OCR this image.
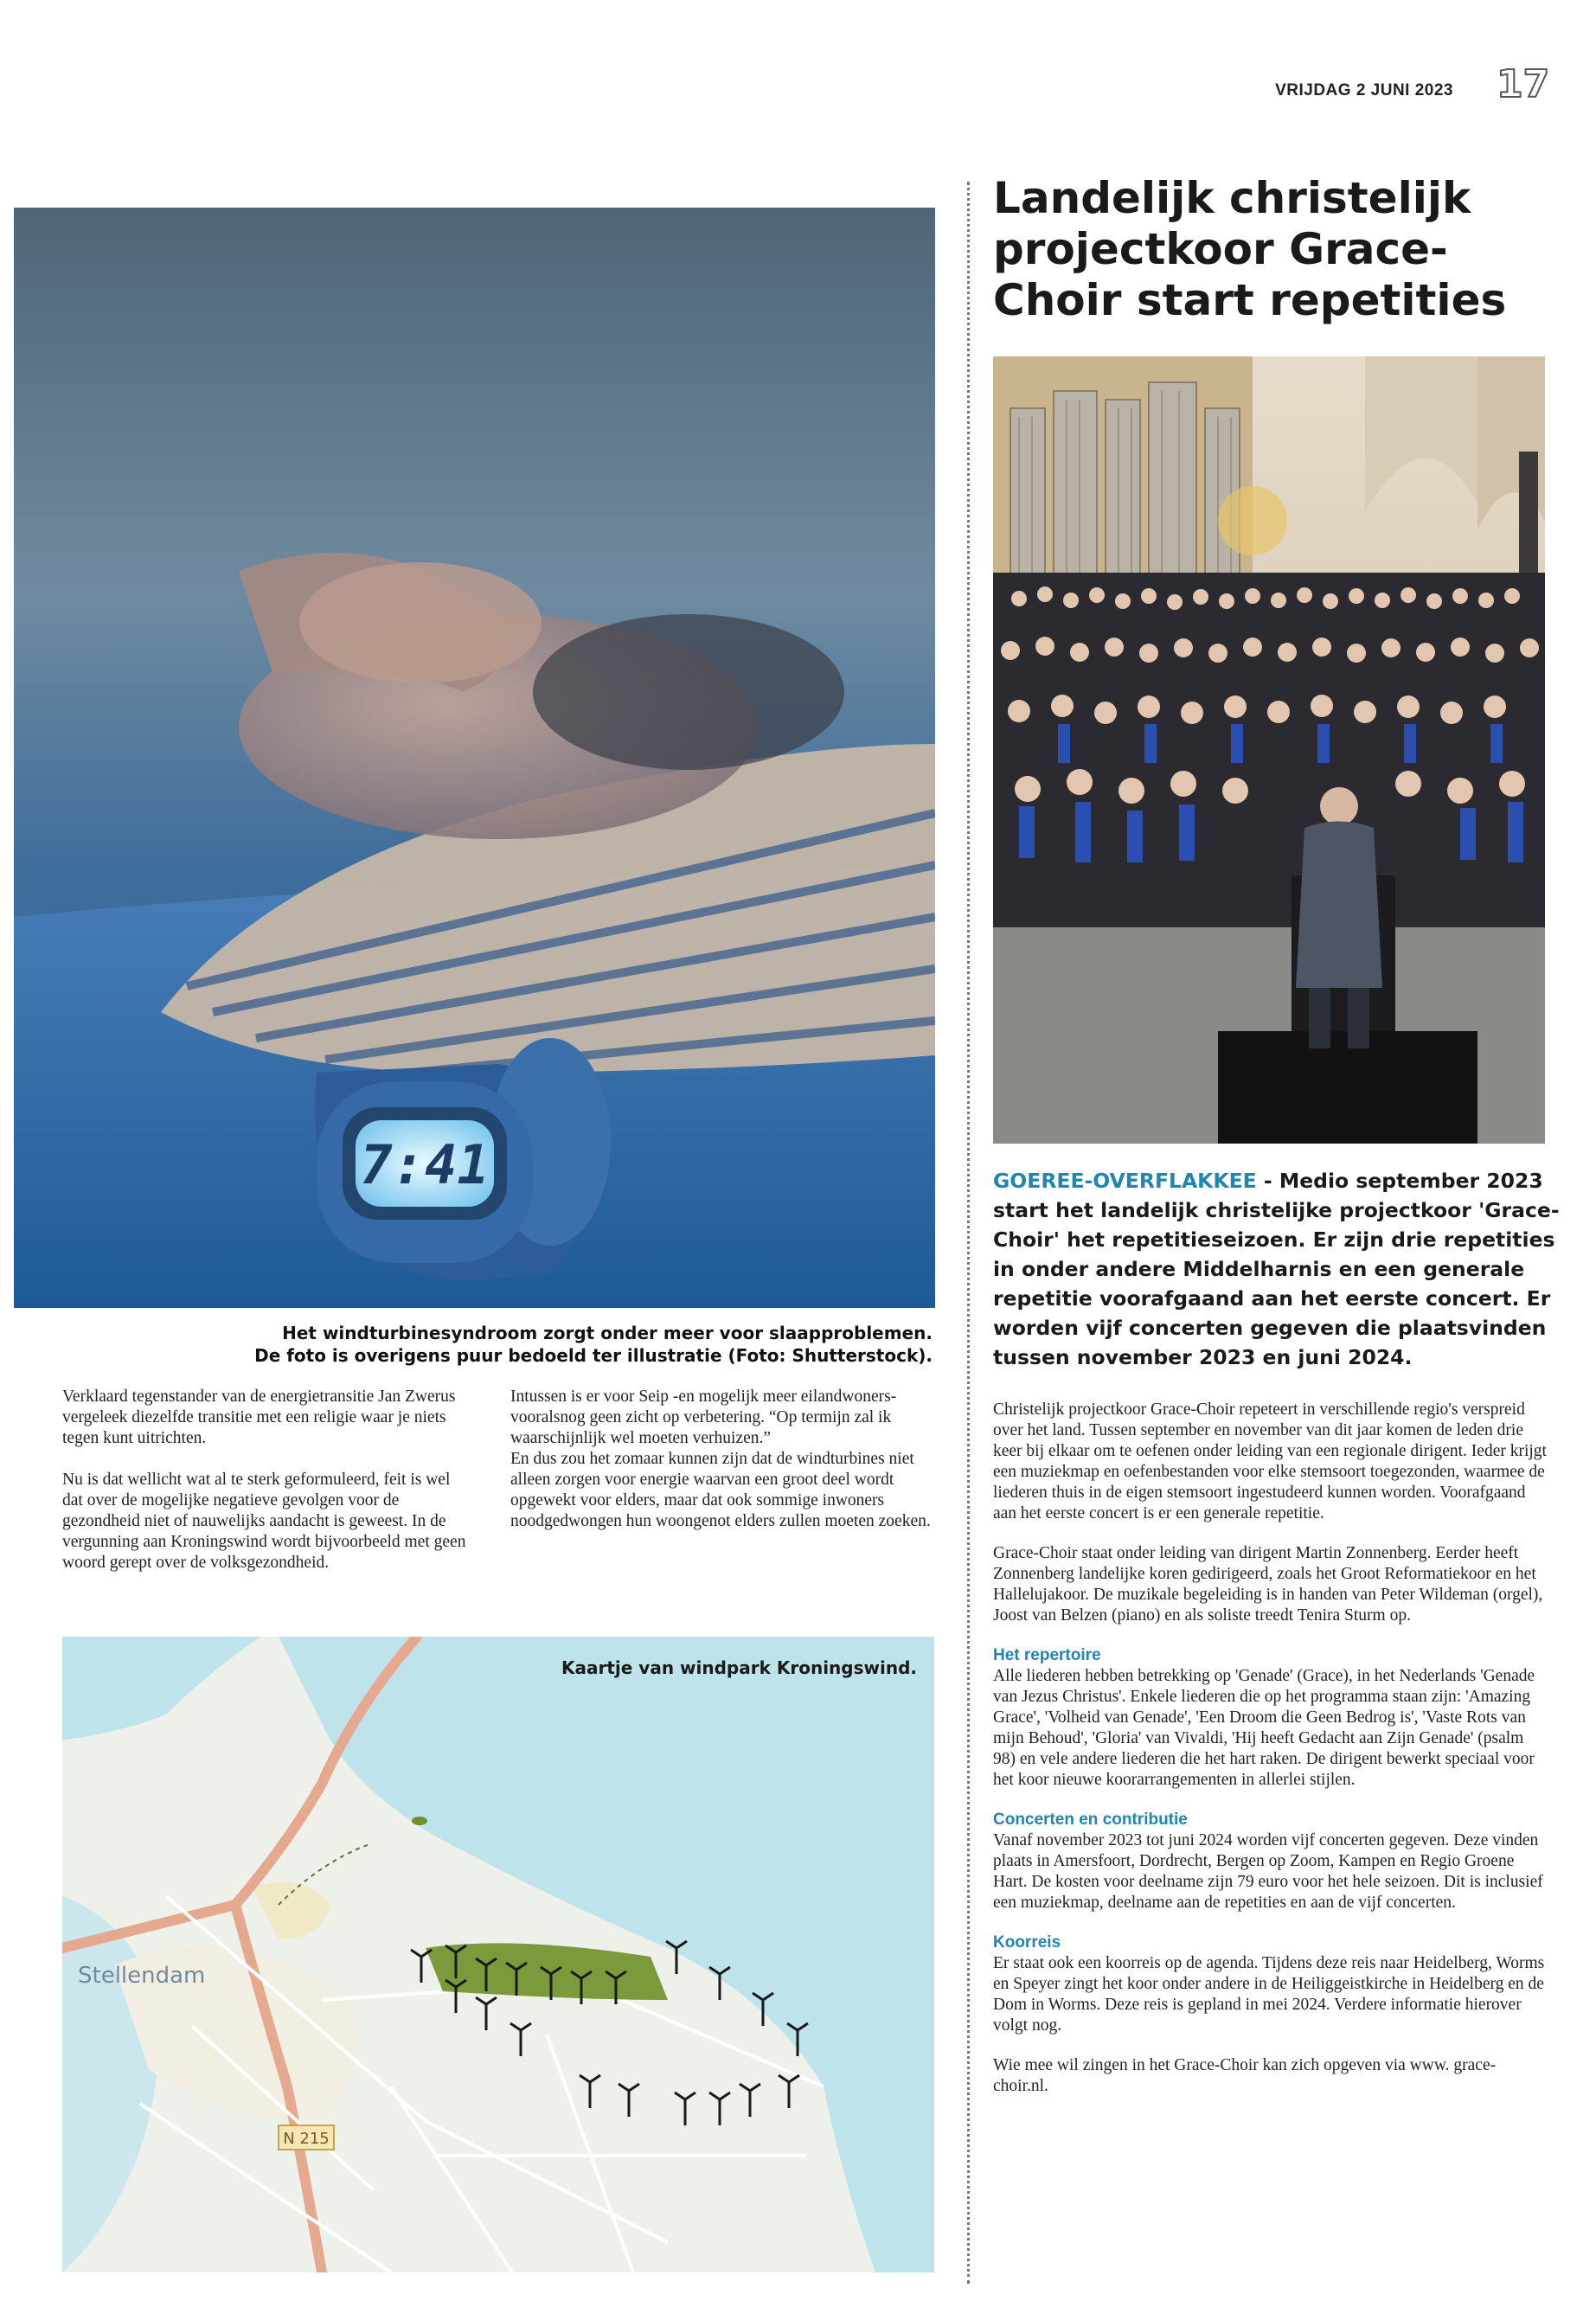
VRIJDAG 2 JUNI 2023 17
7:41
Het windturbinesyndroom zorgt onder meer voor slaapproblemen.
De foto is overigens puur bedoeld ter illustratie (Foto: Shutterstock).

Verklaard tegenstander van de energietransitie Jan Zwerus vergeleek diezelfde transitie met een religie waar je niets tegen kunt uitrichten.

Nu is dat wellicht wat al te sterk geformuleerd, feit is wel dat over de mogelijke negatieve gevolgen voor de gezondheid niet of nauwelijks aandacht is geweest. In de vergunning aan Kroningswind wordt bijvoorbeeld met geen woord gerept over de volksgezondheid.

Intussen is er voor Seip -en mogelijk meer eilandwoners- vooralsnog geen zicht op verbetering. “Op termijn zal ik waarschijnlijk wel moeten verhuizen.”
En dus zou het zomaar kunnen zijn dat de windturbines niet alleen zorgen voor energie waarvan een groot deel wordt opgewekt voor elders, maar dat ook sommige inwoners noodgedwongen hun woongenot elders zullen moeten zoeken.
Stellendam
N 215
Kaartje van windpark Kroningswind.
Landelijk christelijk projectkoor Grace-Choir start repetities
GOEREE-OVERFLAKKEE - Medio september 2023 start het landelijk christelijke projectkoor 'Grace-Choir' het repetitieseizoen. Er zijn drie repetities in onder andere Middelharnis en een generale repetitie voorafgaand aan het eerste concert. Er worden vijf concerten gegeven die plaatsvinden tussen november 2023 en juni 2024.

Christelijk projectkoor Grace-Choir repeteert in verschillende regio's verspreid over het land. Tussen september en november van dit jaar komen de leden drie keer bij elkaar om te oefenen onder leiding van een regionale dirigent. Ieder krijgt een muziekmap en oefenbestanden voor elke stemsoort toegezonden, waarmee de liederen thuis in de eigen stemsoort ingestudeerd kunnen worden. Voorafgaand aan het eerste concert is er een generale repetitie.

Grace-Choir staat onder leiding van dirigent Martin Zonnenberg. Eerder heeft Zonnenberg landelijke koren gedirigeerd, zoals het Groot Reformatiekoor en het Hallelujakoor. De muzikale begeleiding is in handen van Peter Wildeman (orgel), Joost van Belzen (piano) en als soliste treedt Tenira Sturm op.

Het repertoire
Alle liederen hebben betrekking op 'Genade' (Grace), in het Nederlands 'Genade van Jezus Christus'. Enkele liederen die op het programma staan zijn: 'Amazing Grace', 'Volheid van Genade', 'Een Droom die Geen Bedrog is', 'Vaste Rots van mijn Behoud', 'Gloria' van Vivaldi, 'Hij heeft Gedacht aan Zijn Genade' (psalm 98) en vele andere liederen die het hart raken. De dirigent bewerkt speciaal voor het koor nieuwe koorarrangementen in allerlei stijlen.
Concerten en contributie
Vanaf november 2023 tot juni 2024 worden vijf concerten gegeven. Deze vinden plaats in Amersfoort, Dordrecht, Bergen op Zoom, Kampen en Regio Groene Hart. De kosten voor deelname zijn 79 euro voor het hele seizoen. Dit is inclusief een muziekmap, deelname aan de repetities en aan de vijf concerten.
Koorreis
Er staat ook een koorreis op de agenda. Tijdens deze reis naar Heidelberg, Worms en Speyer zingt het koor onder andere in de Heiliggeistkirche in Heidelberg en de Dom in Worms. Deze reis is gepland in mei 2024. Verdere informatie hierover volgt nog.

Wie mee wil zingen in het Grace-Choir kan zich opgeven via www. grace-choir.nl.
